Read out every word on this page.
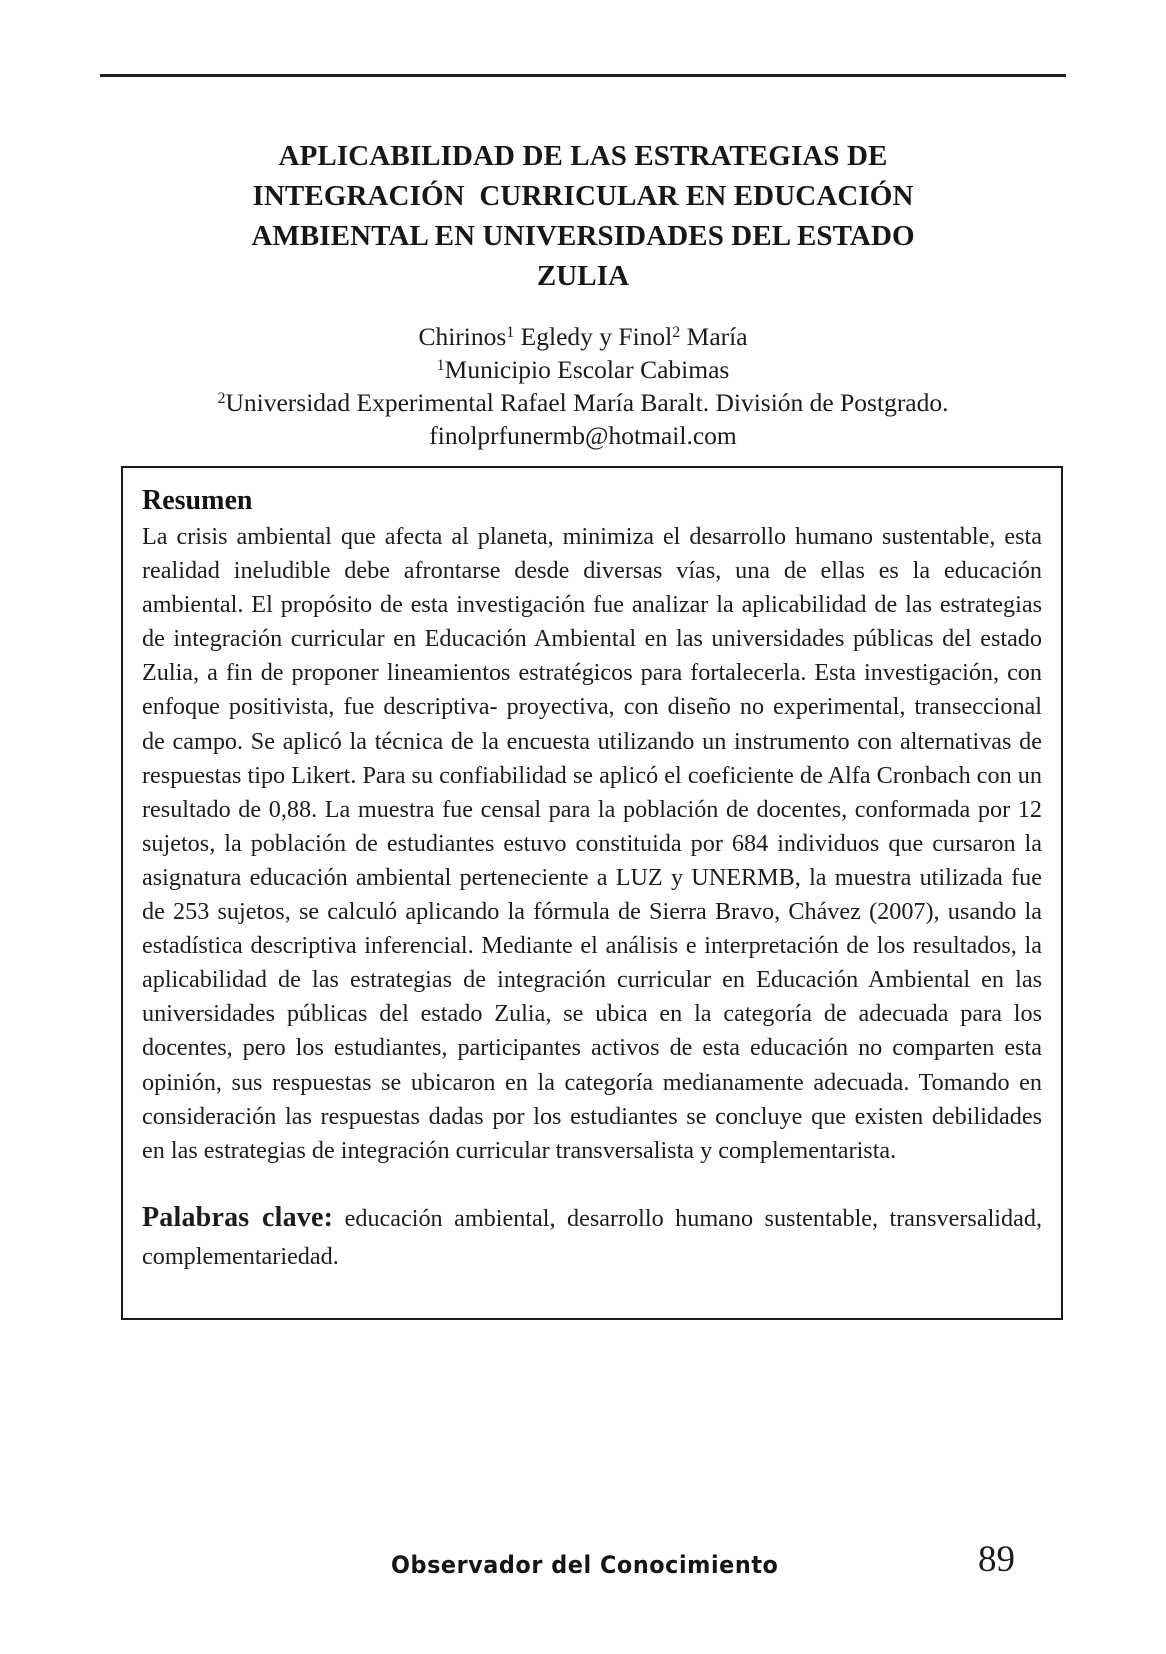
APLICABILIDAD DE LAS ESTRATEGIAS DE
INTEGRACIÓN  CURRICULAR EN EDUCACIÓN
AMBIENTAL EN UNIVERSIDADES DEL ESTADO
ZULIA
Chirinos$^1$ Egledy y Finol$^2$ María
$^1$Municipio Escolar Cabimas
$^2$Universidad Experimental Rafael María Baralt. División de Postgrado.
finolprfunermb@hotmail.com
Resumen

La crisis ambiental que afecta al planeta, minimiza el desarrollo humano sustentable, esta realidad ineludible debe afrontarse desde diversas vías, una de ellas es la educación ambiental. El propósito de esta investigación fue analizar la aplicabilidad de las estrategias de integración curricular en Educación Ambiental en las universidades públicas del estado Zulia, a fin de proponer lineamientos estratégicos para fortalecerla. Esta investigación, con enfoque positivista, fue descriptiva- proyectiva, con diseño no experimental, transeccional de campo. Se aplicó la técnica de la encuesta utilizando un instrumento con alternativas de respuestas tipo Likert. Para su confiabilidad se aplicó el coeficiente de Alfa Cronbach con un resultado de 0,88. La muestra fue censal para la población de docentes, conformada por 12 sujetos, la población de estudiantes estuvo constituida por 684 individuos que cursaron la asignatura educación ambiental perteneciente a LUZ y UNERMB, la muestra utilizada fue de 253 sujetos, se calculó aplicando la fórmula de Sierra Bravo, Chávez (2007), usando la estadística descriptiva inferencial. Mediante el análisis e interpretación de los resultados, la aplicabilidad de las estrategias de integración curricular en Educación Ambiental en las universidades públicas del estado Zulia, se ubica en la categoría de adecuada para los docentes, pero los estudiantes, participantes activos de esta educación no comparten esta opinión, sus respuestas se ubicaron en la categoría medianamente adecuada. Tomando en consideración las respuestas dadas por los estudiantes se concluye que existen debilidades en las estrategias de integración curricular transversalista y complementarista.

Palabras clave: educación ambiental, desarrollo humano sustentable, transversalidad, complementariedad.
Observador del Conocimiento	89
